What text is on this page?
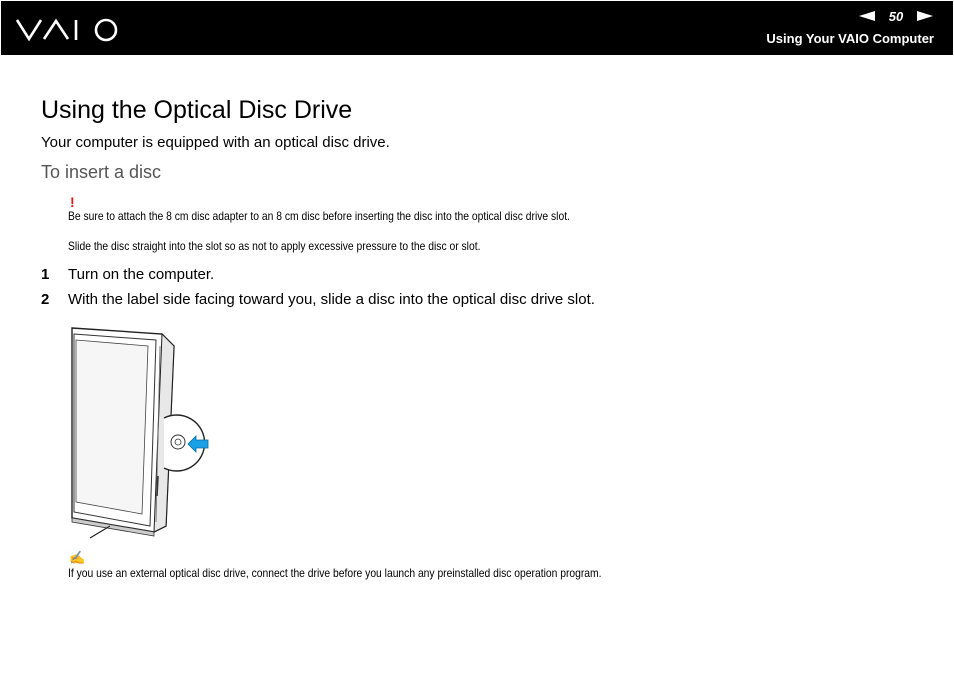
50
Using Your VAIO Computer
Using the Optical Disc Drive

Your computer is equipped with an optical disc drive.

To insert a disc
!

Be sure to attach the 8 cm disc adapter to an 8 cm disc before inserting the disc into the optical disc drive slot.

Slide the disc straight into the slot so as not to apply excessive pressure to the disc or slot.

1 Turn on the computer.
2 With the label side facing toward you, slide a disc into the optical disc drive slot.
✍

If you use an external optical disc drive, connect the drive before you launch any preinstalled disc operation program.
